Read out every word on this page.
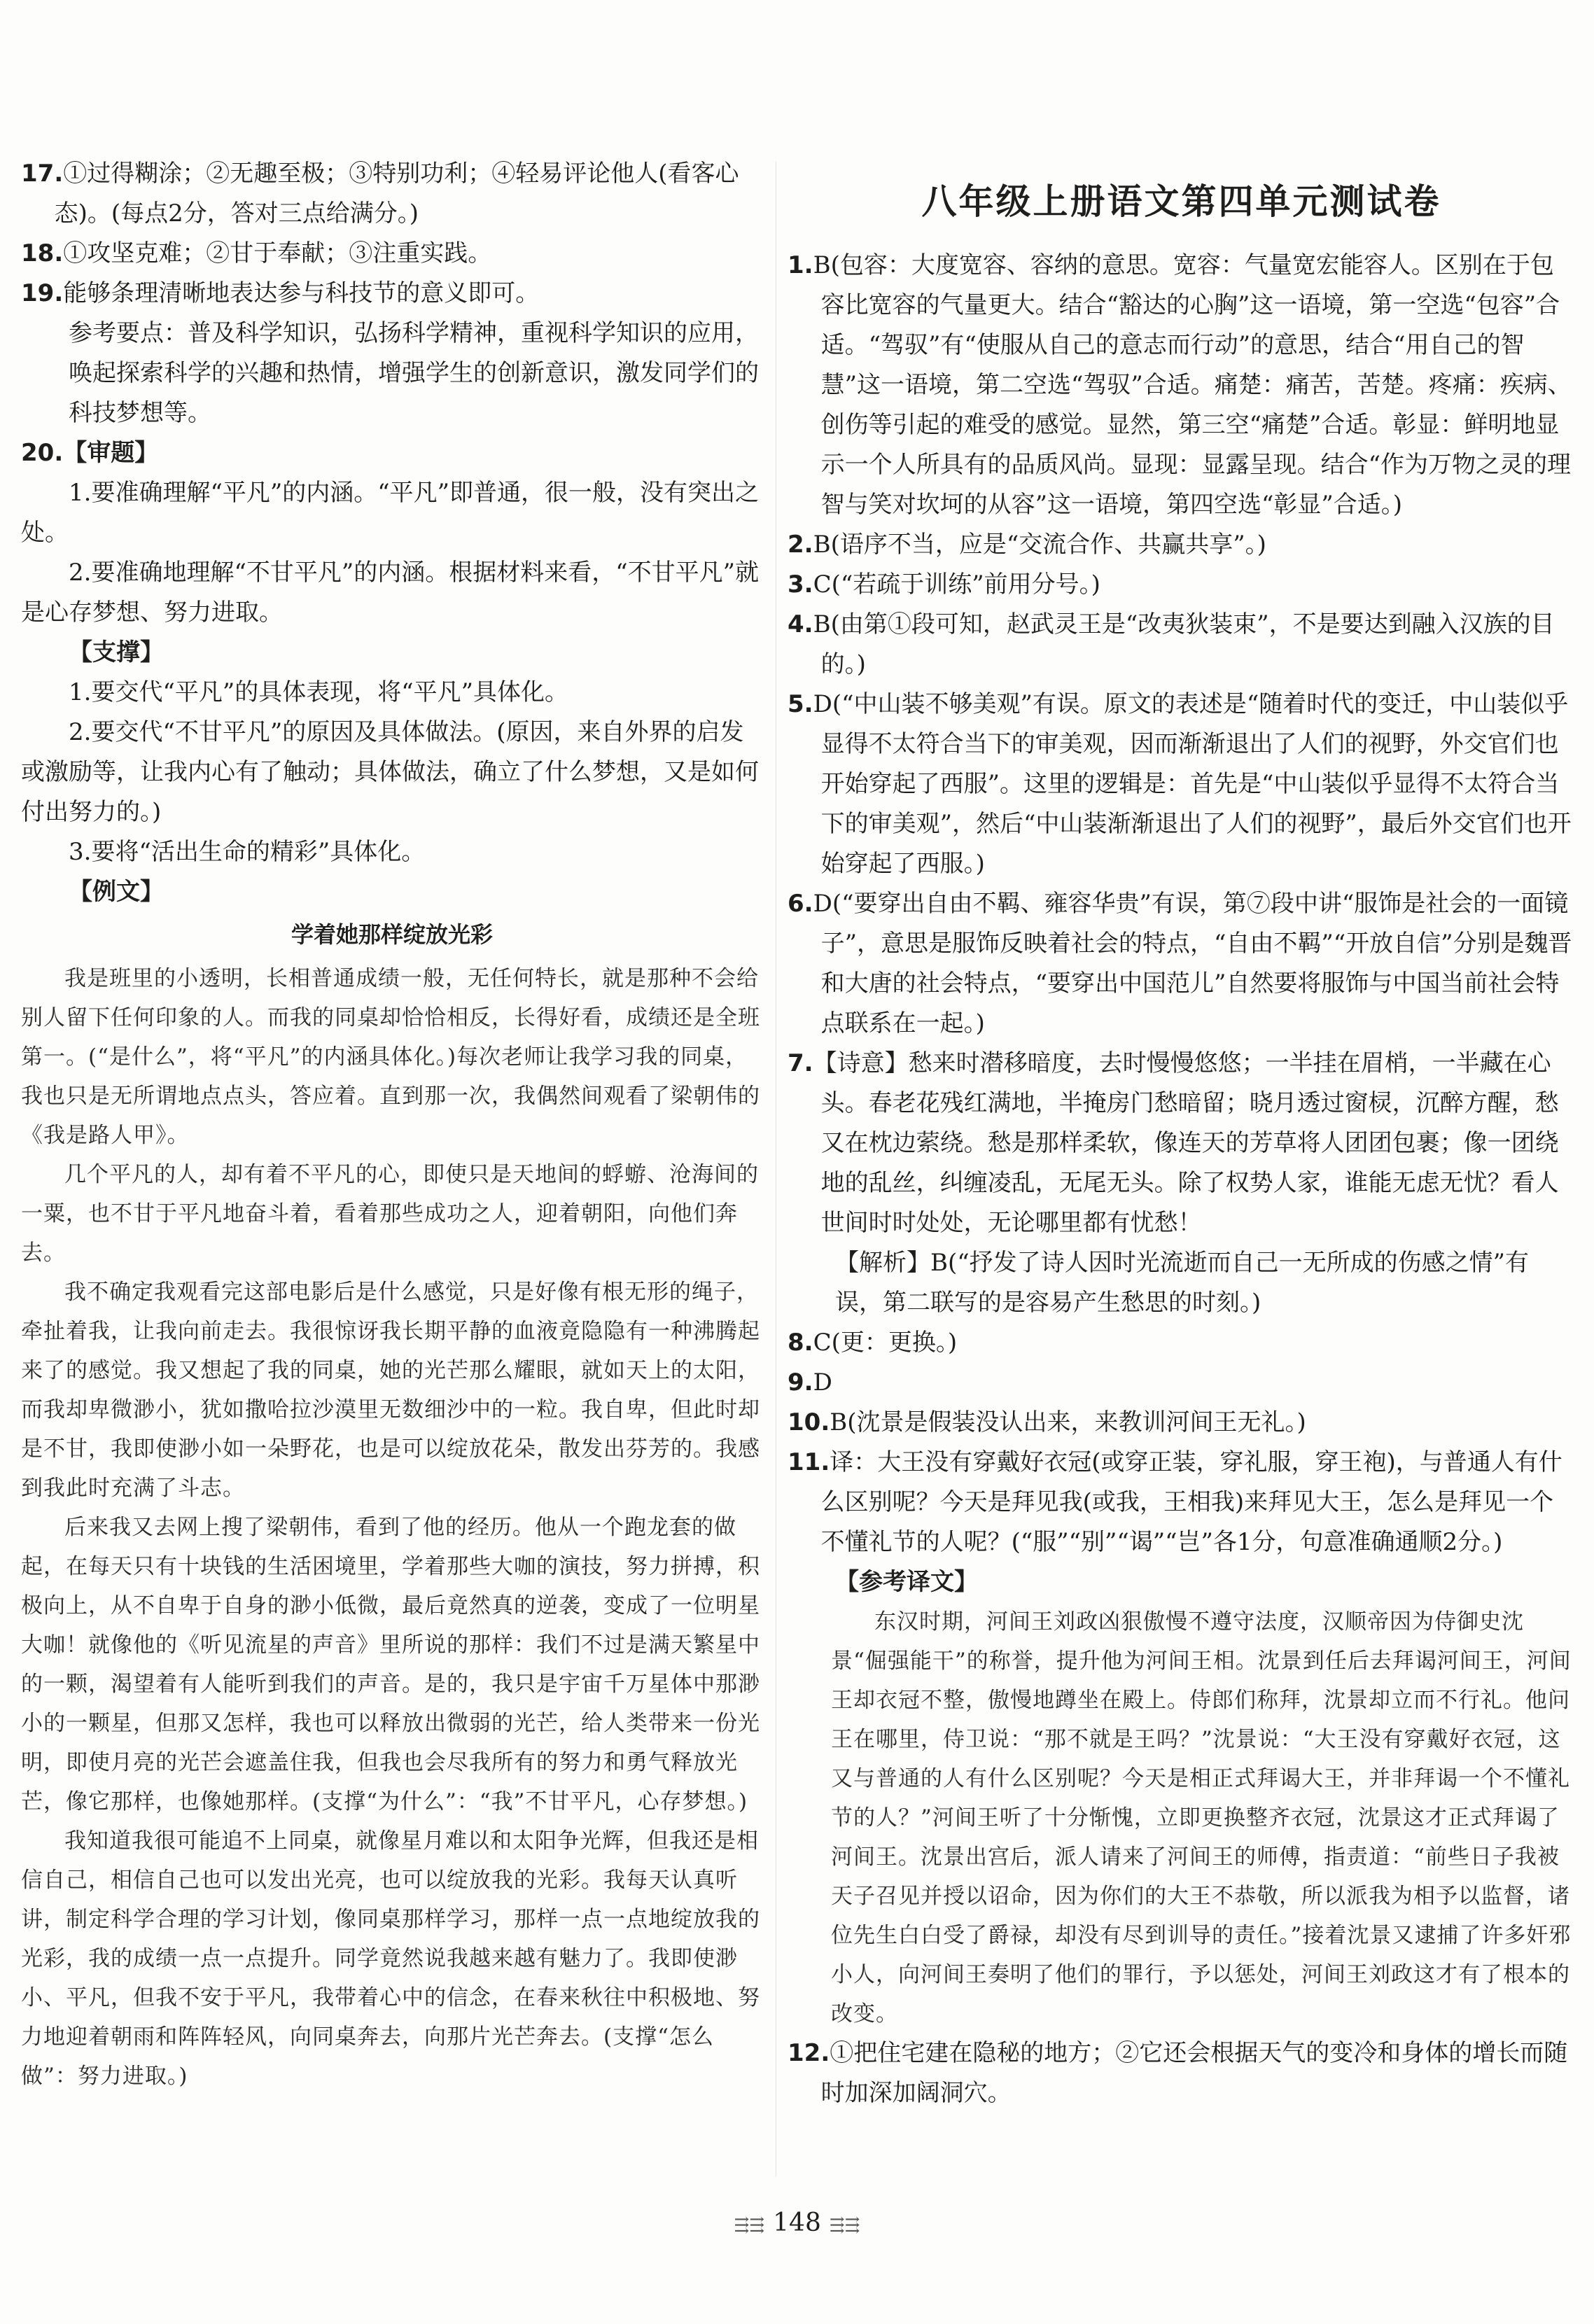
17.①过得糊涂；②无趣至极；③特别功利；④轻易评论他人(看客心态)。(每点2分，答对三点给满分。)

18.①攻坚克难；②甘于奉献；③注重实践。

19.能够条理清晰地表达参与科技节的意义即可。

参考要点：普及科学知识，弘扬科学精神，重视科学知识的应用，唤起探索科学的兴趣和热情，增强学生的创新意识，激发同学们的科技梦想等。

20.【审题】

1.要准确理解“平凡”的内涵。“平凡”即普通，很一般，没有突出之处。

2.要准确地理解“不甘平凡”的内涵。根据材料来看，“不甘平凡”就是心存梦想、努力进取。

【支撑】

1.要交代“平凡”的具体表现，将“平凡”具体化。

2.要交代“不甘平凡”的原因及具体做法。(原因，来自外界的启发或激励等，让我内心有了触动；具体做法，确立了什么梦想，又是如何付出努力的。)

3.要将“活出生命的精彩”具体化。

【例文】

学着她那样绽放光彩

我是班里的小透明，长相普通成绩一般，无任何特长，就是那种不会给别人留下任何印象的人。而我的同桌却恰恰相反，长得好看，成绩还是全班第一。(“是什么”，将“平凡”的内涵具体化。)每次老师让我学习我的同桌，我也只是无所谓地点点头，答应着。直到那一次，我偶然间观看了梁朝伟的《我是路人甲》。

几个平凡的人，却有着不平凡的心，即使只是天地间的蜉蝣、沧海间的一粟，也不甘于平凡地奋斗着，看着那些成功之人，迎着朝阳，向他们奔去。

我不确定我观看完这部电影后是什么感觉，只是好像有根无形的绳子，牵扯着我，让我向前走去。我很惊讶我长期平静的血液竟隐隐有一种沸腾起来了的感觉。我又想起了我的同桌，她的光芒那么耀眼，就如天上的太阳，而我却卑微渺小，犹如撒哈拉沙漠里无数细沙中的一粒。我自卑，但此时却是不甘，我即使渺小如一朵野花，也是可以绽放花朵，散发出芬芳的。我感到我此时充满了斗志。

后来我又去网上搜了梁朝伟，看到了他的经历。他从一个跑龙套的做起，在每天只有十块钱的生活困境里，学着那些大咖的演技，努力拼搏，积极向上，从不自卑于自身的渺小低微，最后竟然真的逆袭，变成了一位明星大咖！就像他的《听见流星的声音》里所说的那样：我们不过是满天繁星中的一颗，渴望着有人能听到我们的声音。是的，我只是宇宙千万星体中那渺小的一颗星，但那又怎样，我也可以释放出微弱的光芒，给人类带来一份光明，即使月亮的光芒会遮盖住我，但我也会尽我所有的努力和勇气释放光芒，像它那样，也像她那样。(支撑“为什么”：“我”不甘平凡，心存梦想。)

我知道我很可能追不上同桌，就像星月难以和太阳争光辉，但我还是相信自己，相信自己也可以发出光亮，也可以绽放我的光彩。我每天认真听讲，制定科学合理的学习计划，像同桌那样学习，那样一点一点地绽放我的光彩，我的成绩一点一点提升。同学竟然说我越来越有魅力了。我即使渺小、平凡，但我不安于平凡，我带着心中的信念，在春来秋往中积极地、努力地迎着朝雨和阵阵轻风，向同桌奔去，向那片光芒奔去。(支撑“怎么做”：努力进取。)

八年级上册语文第四单元测试卷

1.B(包容：大度宽容、容纳的意思。宽容：气量宽宏能容人。区别在于包容比宽容的气量更大。结合“豁达的心胸”这一语境，第一空选“包容”合适。“驾驭”有“使服从自己的意志而行动”的意思，结合“用自己的智慧”这一语境，第二空选“驾驭”合适。痛楚：痛苦，苦楚。疼痛：疾病、创伤等引起的难受的感觉。显然，第三空“痛楚”合适。彰显：鲜明地显示一个人所具有的品质风尚。显现：显露呈现。结合“作为万物之灵的理智与笑对坎坷的从容”这一语境，第四空选“彰显”合适。)

2.B(语序不当，应是“交流合作、共赢共享”。)

3.C(“若疏于训练”前用分号。)

4.B(由第①段可知，赵武灵王是“改夷狄装束”，不是要达到融入汉族的目的。)

5.D(“中山装不够美观”有误。原文的表述是“随着时代的变迁，中山装似乎显得不太符合当下的审美观，因而渐渐退出了人们的视野，外交官们也开始穿起了西服”。这里的逻辑是：首先是“中山装似乎显得不太符合当下的审美观”，然后“中山装渐渐退出了人们的视野”，最后外交官们也开始穿起了西服。)

6.D(“要穿出自由不羁、雍容华贵”有误，第⑦段中讲“服饰是社会的一面镜子”，意思是服饰反映着社会的特点，“自由不羁”“开放自信”分别是魏晋和大唐的社会特点，“要穿出中国范儿”自然要将服饰与中国当前社会特点联系在一起。)

7.【诗意】愁来时潜移暗度，去时慢慢悠悠；一半挂在眉梢，一半藏在心头。春老花残红满地，半掩房门愁暗留；晓月透过窗棂，沉醉方醒，愁又在枕边萦绕。愁是那样柔软，像连天的芳草将人团团包裹；像一团绕地的乱丝，纠缠凌乱，无尾无头。除了权势人家，谁能无虑无忧？看人世间时时处处，无论哪里都有忧愁！

【解析】B(“抒发了诗人因时光流逝而自己一无所成的伤感之情”有误，第二联写的是容易产生愁思的时刻。)

8.C(更：更换。)

9.D

10.B(沈景是假装没认出来，来教训河间王无礼。)

11.译：大王没有穿戴好衣冠(或穿正装，穿礼服，穿王袍)，与普通人有什么区别呢？今天是拜见我(或我，王相我)来拜见大王，怎么是拜见一个不懂礼节的人呢？(“服”“别”“谒”“岂”各1分，句意准确通顺2分。)

【参考译文】

东汉时期，河间王刘政凶狠傲慢不遵守法度，汉顺帝因为侍御史沈景“倔强能干”的称誉，提升他为河间王相。沈景到任后去拜谒河间王，河间王却衣冠不整，傲慢地蹲坐在殿上。侍郎们称拜，沈景却立而不行礼。他问王在哪里，侍卫说：“那不就是王吗？”沈景说：“大王没有穿戴好衣冠，这又与普通的人有什么区别呢？今天是相正式拜谒大王，并非拜谒一个不懂礼节的人？”河间王听了十分惭愧，立即更换整齐衣冠，沈景这才正式拜谒了河间王。沈景出宫后，派人请来了河间王的师傅，指责道：“前些日子我被天子召见并授以诏命，因为你们的大王不恭敬，所以派我为相予以监督，诸位先生白白受了爵禄，却没有尽到训导的责任。”接着沈景又逮捕了许多奸邪小人，向河间王奏明了他们的罪行，予以惩处，河间王刘政这才有了根本的改变。

12.①把住宅建在隐秘的地方；②它还会根据天气的变冷和身体的增长而随时加深加阔洞穴。

⇶⇶ 148 ⇶⇶
